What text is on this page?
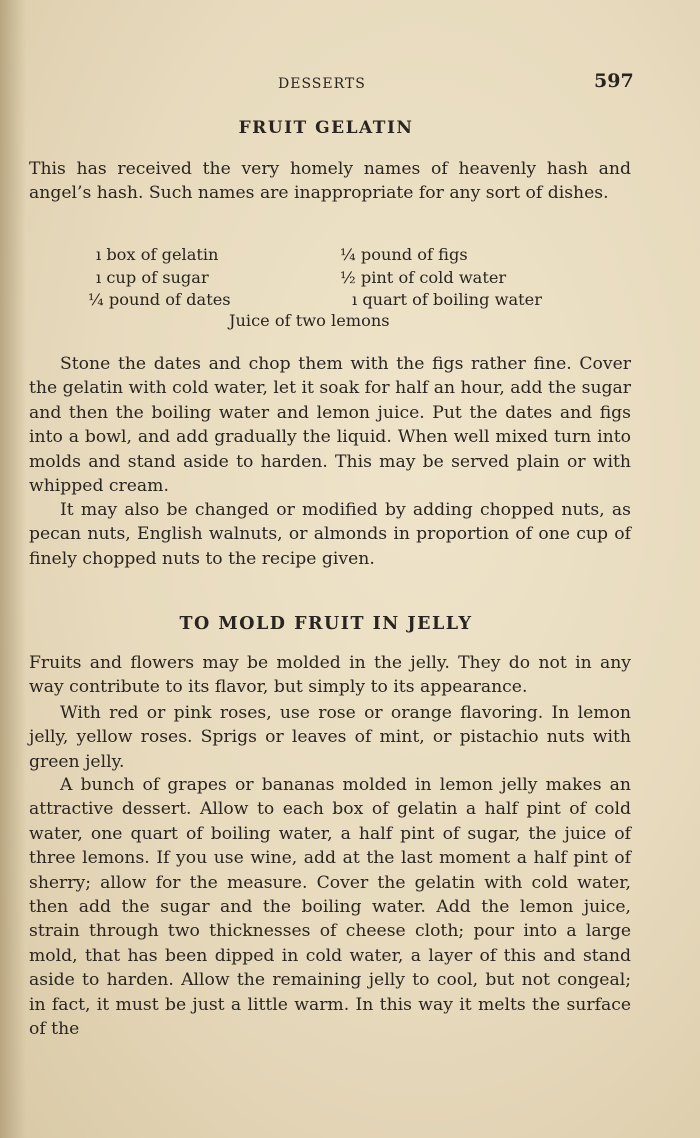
DESSERTS	597
FRUIT GELATIN

This has received the very homely names of heavenly hash and angel’s hash. Such names are inappropriate for any sort of dishes.

ı box of gelatin
ı cup of sugar
¼ pound of dates
¼ pound of figs
½ pint of cold water
ı quart of boiling water
Juice of two lemons

Stone the dates and chop them with the figs rather fine. Cover the gelatin with cold water, let it soak for half an hour, add the sugar and then the boiling water and lemon juice. Put the dates and figs into a bowl, and add gradually the liquid. When well mixed turn into molds and stand aside to harden. This may be served plain or with whipped cream.

It may also be changed or modified by adding chopped nuts, as pecan nuts, English walnuts, or almonds in proportion of one cup of finely chopped nuts to the recipe given.

TO MOLD FRUIT IN JELLY

Fruits and flowers may be molded in the jelly. They do not in any way contribute to its flavor, but simply to its appearance.

With red or pink roses, use rose or orange flavoring. In lemon jelly, yellow roses. Sprigs or leaves of mint, or pistachio nuts with green jelly.

A bunch of grapes or bananas molded in lemon jelly makes an attractive dessert. Allow to each box of gelatin a half pint of cold water, one quart of boiling water, a half pint of sugar, the juice of three lemons. If you use wine, add at the last moment a half pint of sherry; allow for the measure. Cover the gelatin with cold water, then add the sugar and the boiling water. Add the lemon juice, strain through two thicknesses of cheese cloth; pour into a large mold, that has been dipped in cold water, a layer of this and stand aside to harden. Allow the remaining jelly to cool, but not congeal; in fact, it must be just a little warm. In this way it melts the surface of the
